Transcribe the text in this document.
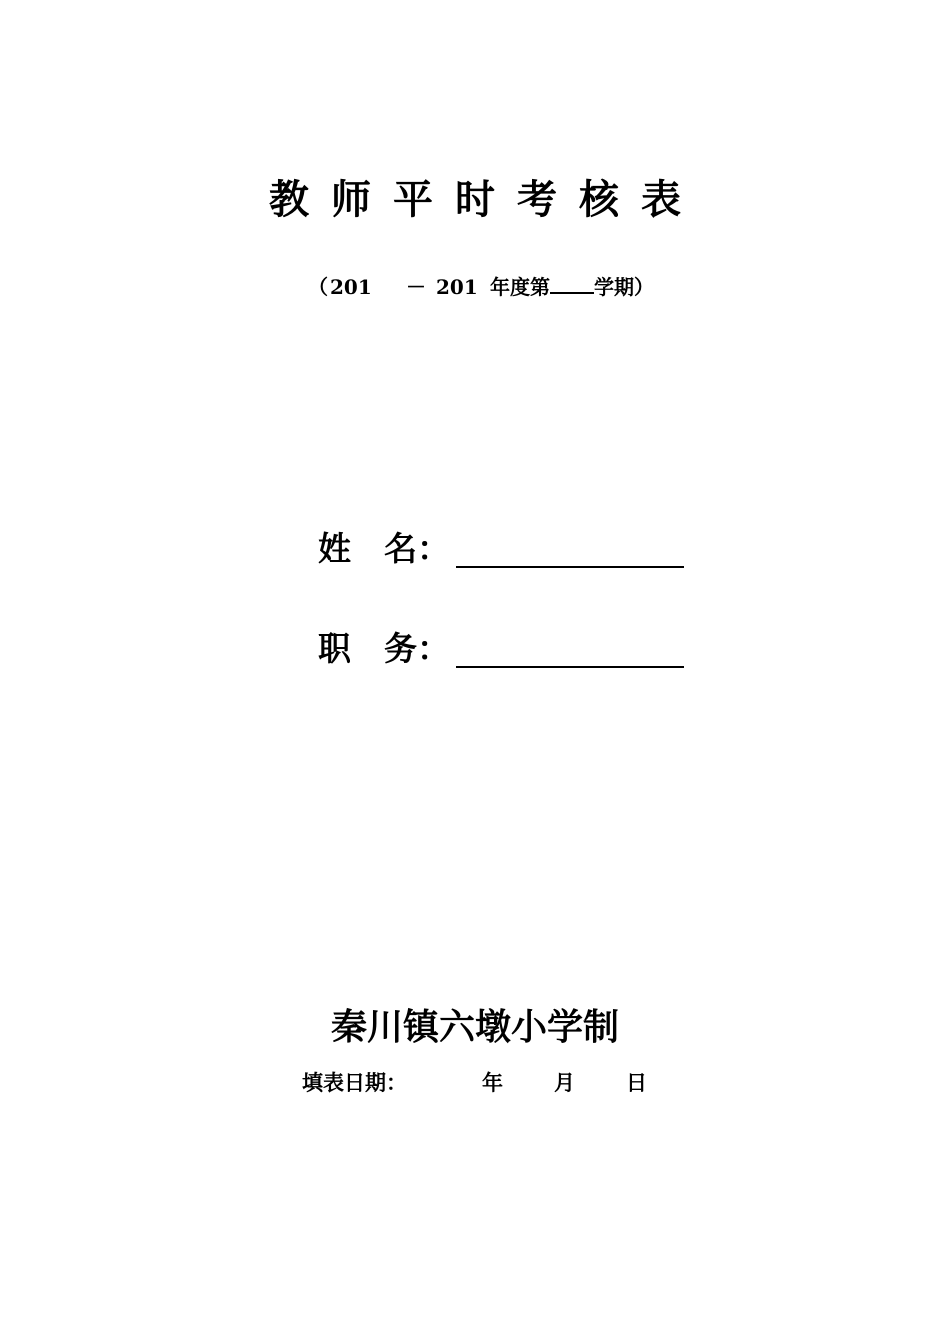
教师平时考核表
（ 201 － 201 年度第 学期）
姓　名：
职　务：
秦川镇六墩小学制
填表日期：	年 月 日
